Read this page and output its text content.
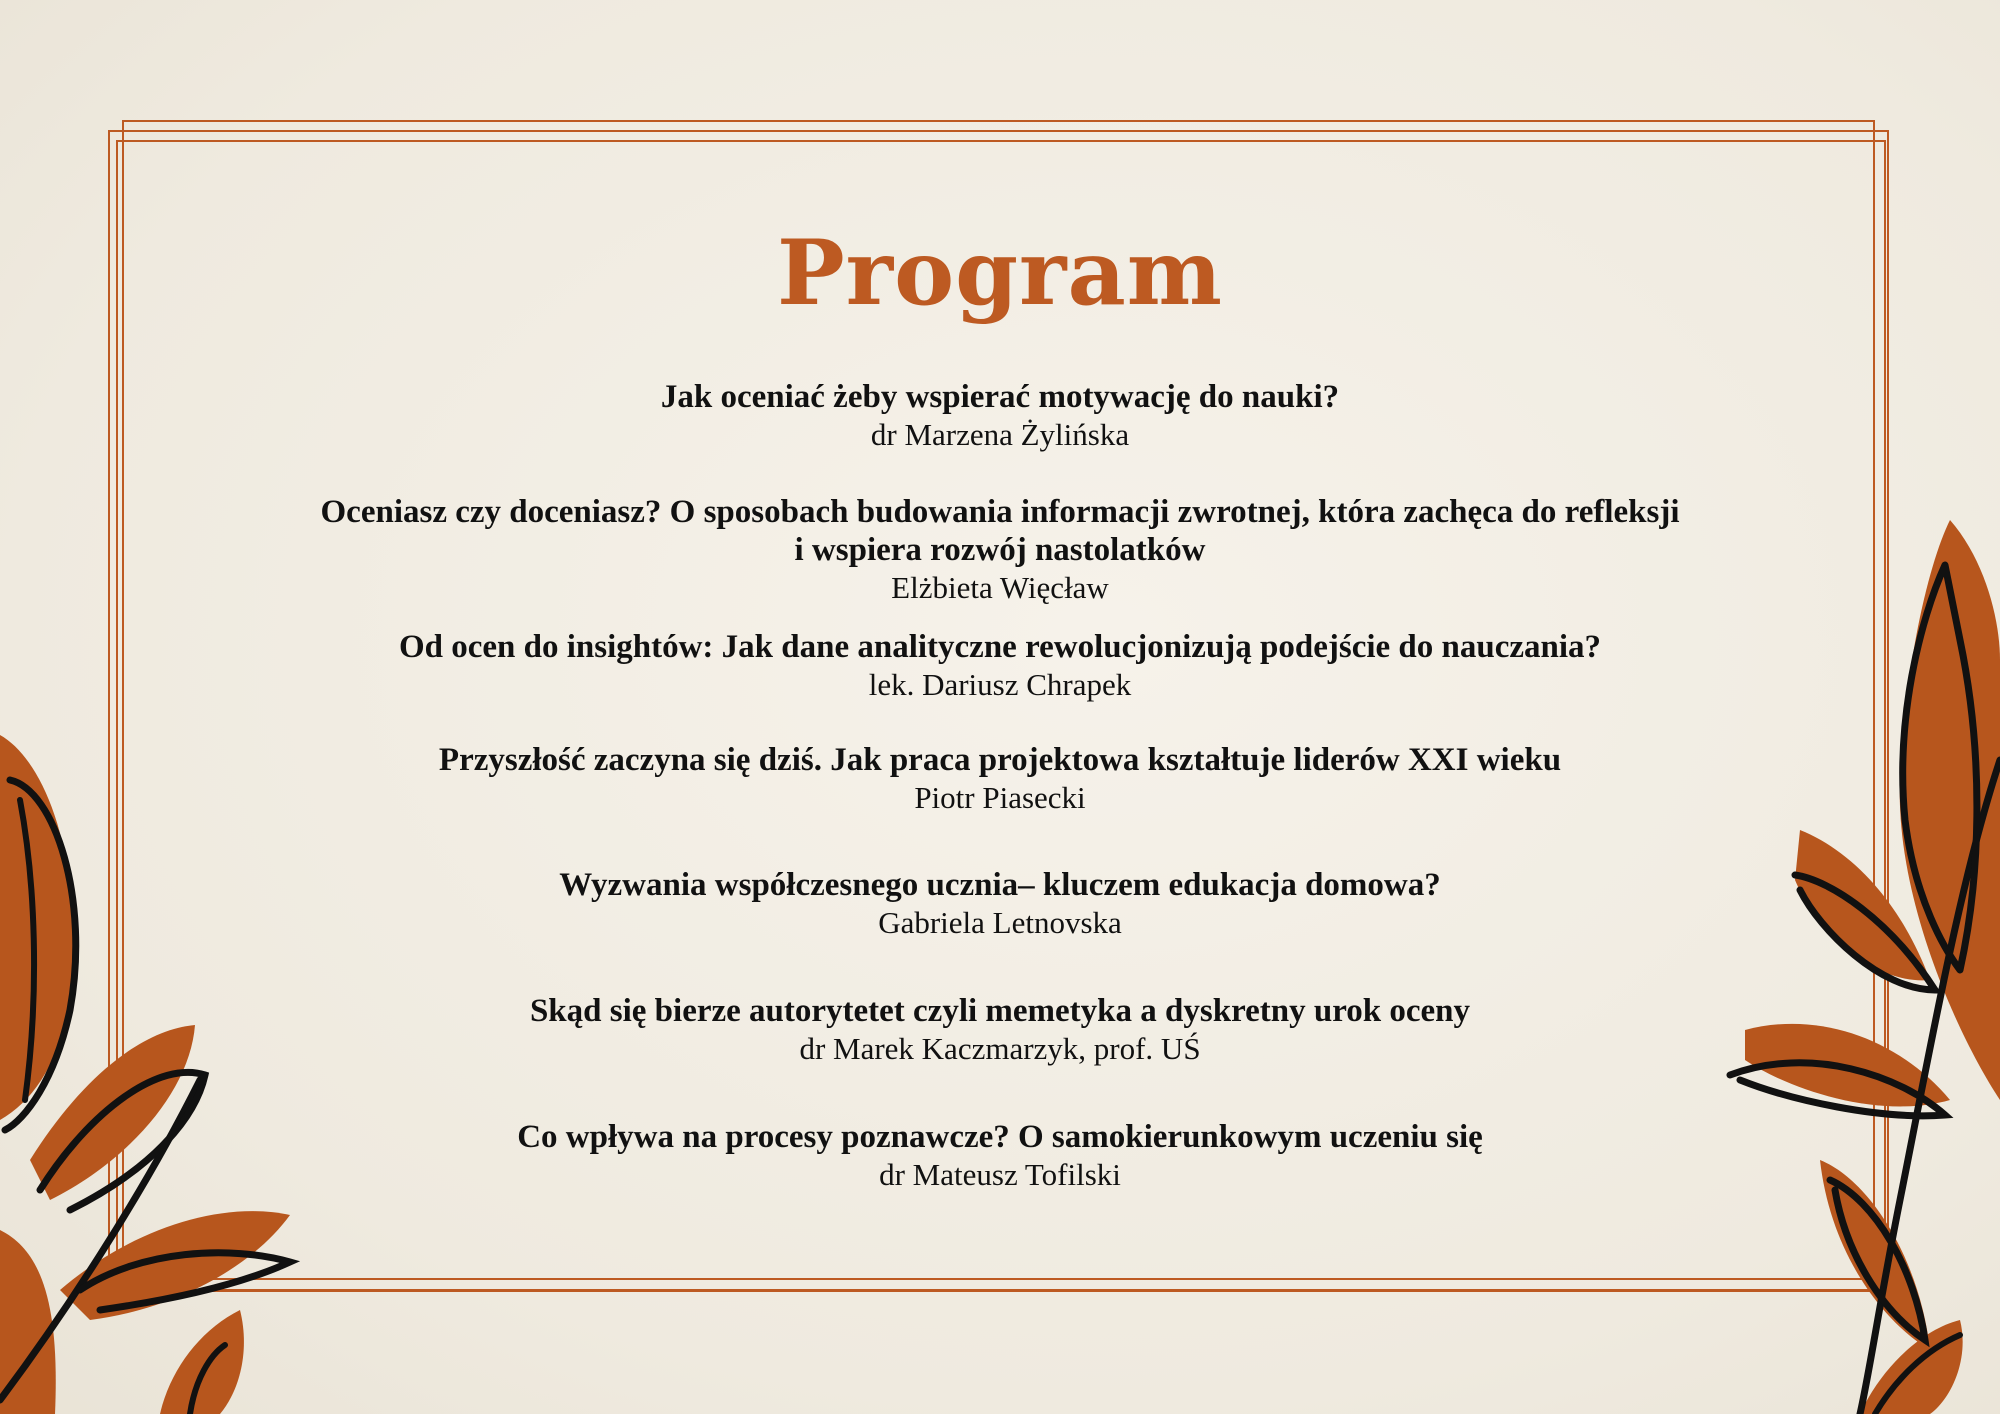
Program

Jak oceniać żeby wspierać motywację do nauki?

dr Marzena Żylińska

Oceniasz czy doceniasz? O sposobach budowania informacji zwrotnej, która zachęca do refleksji

i wspiera rozwój nastolatków

Elżbieta Więcław

Od ocen do insightów: Jak dane analityczne rewolucjonizują podejście do nauczania?

lek. Dariusz Chrapek

Przyszłość zaczyna się dziś. Jak praca projektowa kształtuje liderów XXI wieku

Piotr Piasecki

Wyzwania współczesnego ucznia– kluczem edukacja domowa?

Gabriela Letnovska

Skąd się bierze autorytetet czyli memetyka a dyskretny urok oceny

dr Marek Kaczmarzyk, prof. UŚ

Co wpływa na procesy poznawcze? O samokierunkowym uczeniu się

dr Mateusz Tofilski
